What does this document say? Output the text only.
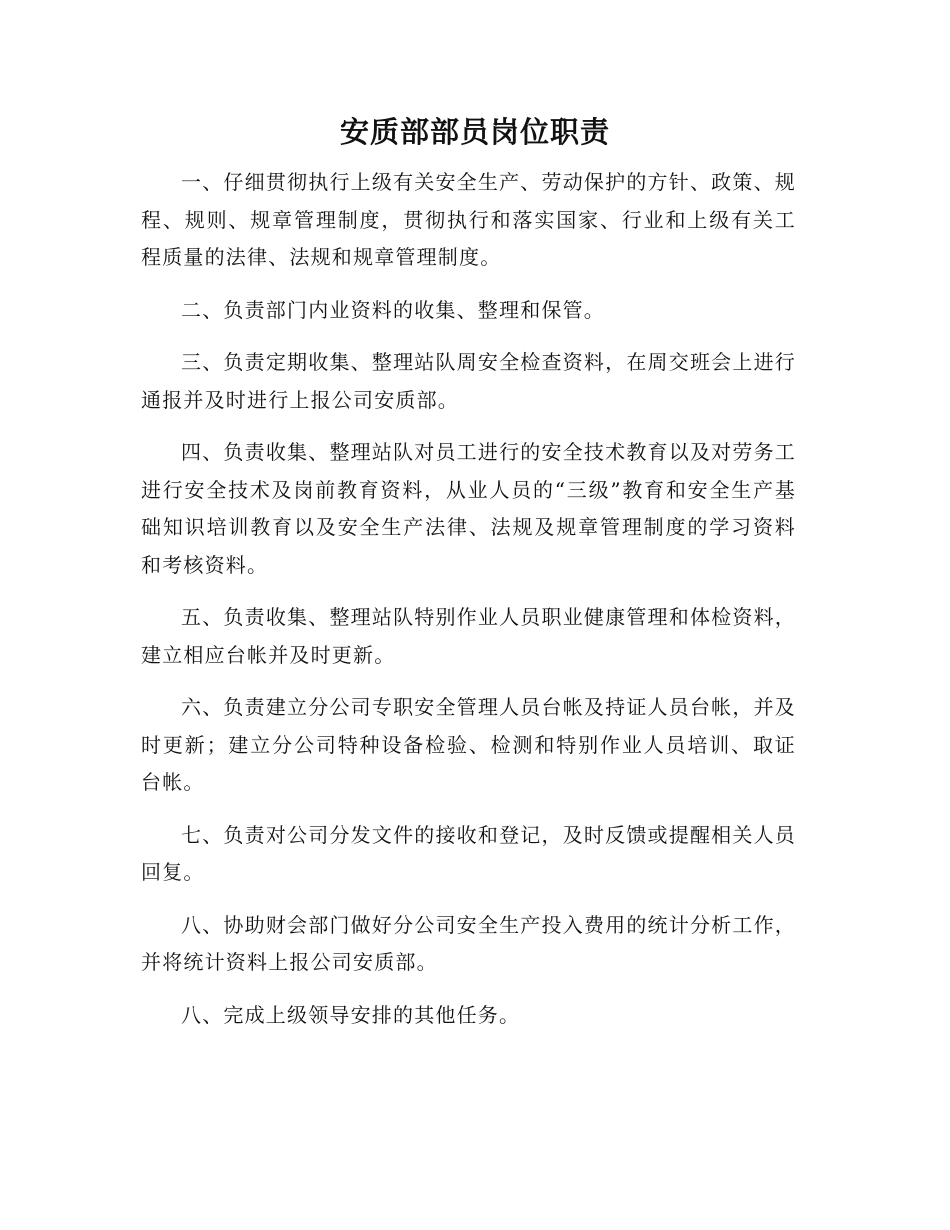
安质部部员岗位职责

一、仔细贯彻执行上级有关安全生产、劳动保护的方针、政策、规程、规则、规章管理制度，贯彻执行和落实国家、行业和上级有关工程质量的法律、法规和规章管理制度。

二、负责部门内业资料的收集、整理和保管。

三、负责定期收集、整理站队周安全检查资料，在周交班会上进行通报并及时进行上报公司安质部。

四、负责收集、整理站队对员工进行的安全技术教育以及对劳务工进行安全技术及岗前教育资料，从业人员的“三级”教育和安全生产基础知识培训教育以及安全生产法律、法规及规章管理制度的学习资料和考核资料。

五、负责收集、整理站队特别作业人员职业健康管理和体检资料，建立相应台帐并及时更新。

六、负责建立分公司专职安全管理人员台帐及持证人员台帐，并及时更新；建立分公司特种设备检验、检测和特别作业人员培训、取证台帐。

七、负责对公司分发文件的接收和登记，及时反馈或提醒相关人员回复。

八、协助财会部门做好分公司安全生产投入费用的统计分析工作，并将统计资料上报公司安质部。

八、完成上级领导安排的其他任务。
